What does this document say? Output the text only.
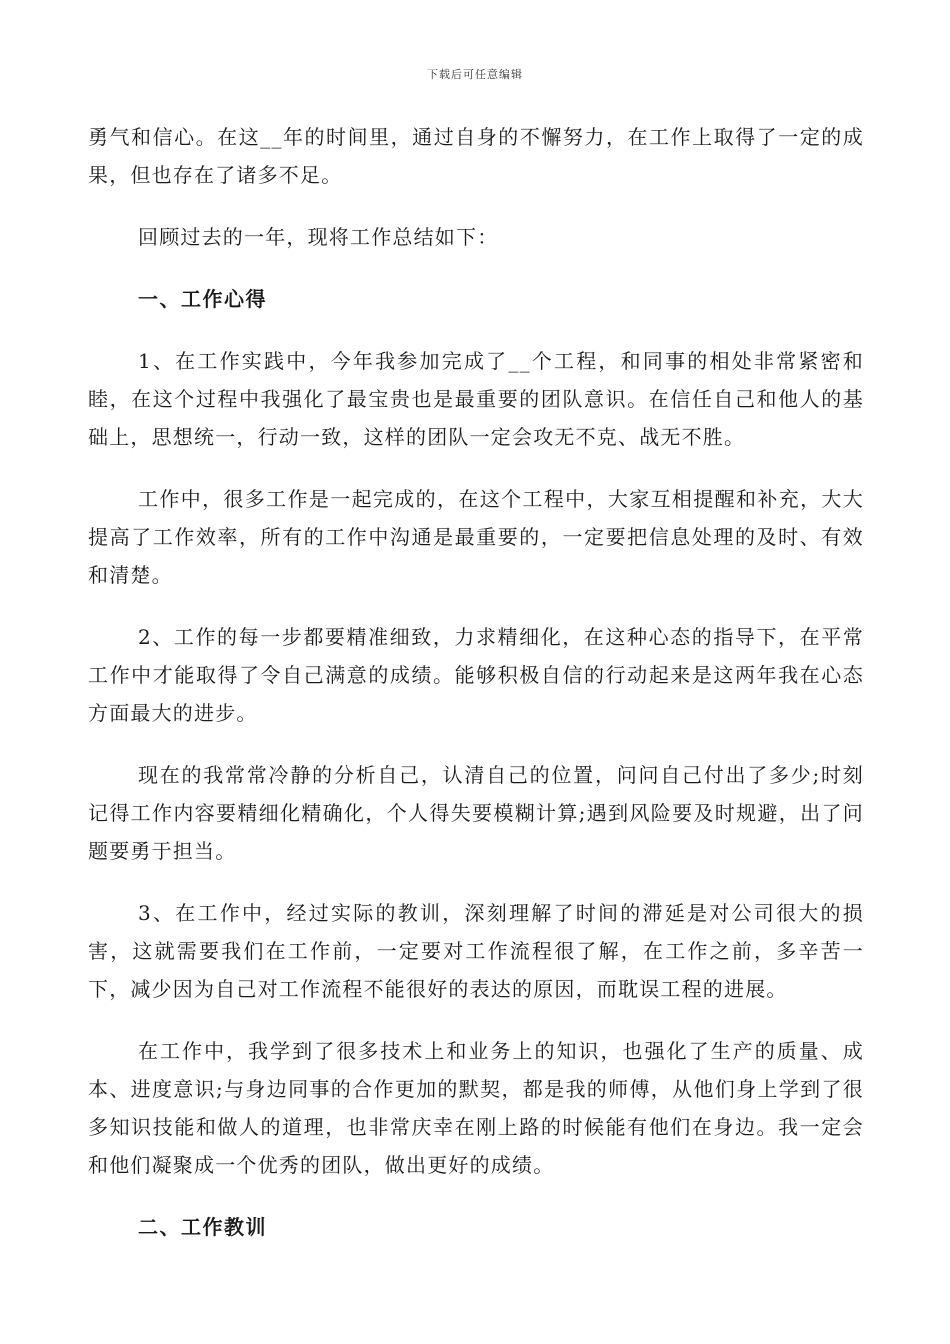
下载后可任意编辑

勇气和信心。在这__年的时间里，通过自身的不懈努力，在工作上取得了一定的成果，但也存在了诸多不足。

回顾过去的一年，现将工作总结如下：

一、工作心得

1、在工作实践中，今年我参加完成了__个工程，和同事的相处非常紧密和睦，在这个过程中我强化了最宝贵也是最重要的团队意识。在信任自己和他人的基础上，思想统一，行动一致，这样的团队一定会攻无不克、战无不胜。

工作中，很多工作是一起完成的，在这个工程中，大家互相提醒和补充，大大提高了工作效率，所有的工作中沟通是最重要的，一定要把信息处理的及时、有效和清楚。

2、工作的每一步都要精准细致，力求精细化，在这种心态的指导下，在平常工作中才能取得了令自己满意的成绩。能够积极自信的行动起来是这两年我在心态方面最大的进步。

现在的我常常冷静的分析自己，认清自己的位置，问问自己付出了多少;时刻记得工作内容要精细化精确化，个人得失要模糊计算;遇到风险要及时规避，出了问题要勇于担当。

3、在工作中，经过实际的教训，深刻理解了时间的滞延是对公司很大的损害，这就需要我们在工作前，一定要对工作流程很了解，在工作之前，多辛苦一下，减少因为自己对工作流程不能很好的表达的原因，而耽误工程的进展。

在工作中，我学到了很多技术上和业务上的知识，也强化了生产的质量、成本、进度意识;与身边同事的合作更加的默契，都是我的师傅，从他们身上学到了很多知识技能和做人的道理，也非常庆幸在刚上路的时候能有他们在身边。我一定会和他们凝聚成一个优秀的团队，做出更好的成绩。

二、工作教训
